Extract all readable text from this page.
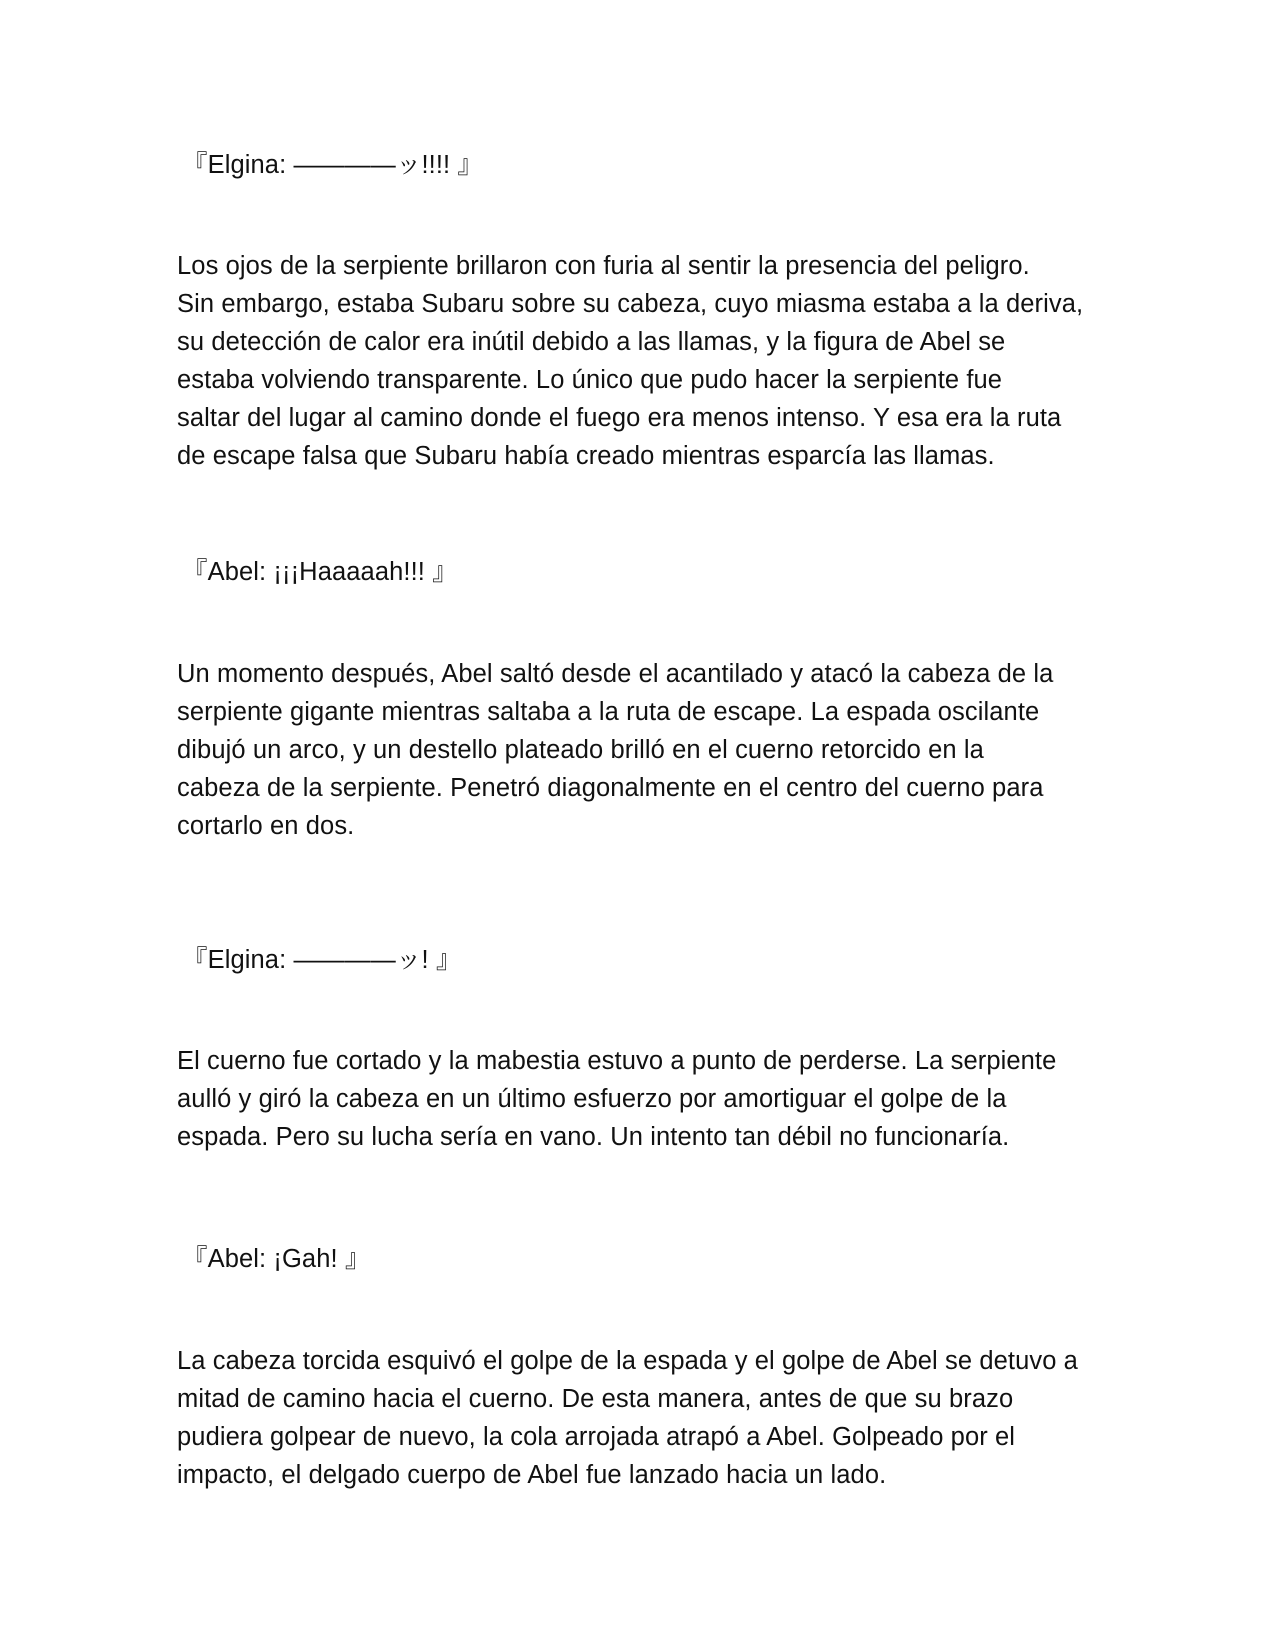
『Elgina: ————ッ!!!! 』

Los ojos de la serpiente brillaron con furia al sentir la presencia del peligro.
Sin embargo, estaba Subaru sobre su cabeza, cuyo miasma estaba a la deriva,
su detección de calor era inútil debido a las llamas, y la figura de Abel se
estaba volviendo transparente. Lo único que pudo hacer la serpiente fue
saltar del lugar al camino donde el fuego era menos intenso. Y esa era la ruta
de escape falsa que Subaru había creado mientras esparcía las llamas.

『Abel: ¡¡¡Haaaaah!!! 』

Un momento después, Abel saltó desde el acantilado y atacó la cabeza de la
serpiente gigante mientras saltaba a la ruta de escape. La espada oscilante
dibujó un arco, y un destello plateado brilló en el cuerno retorcido en la
cabeza de la serpiente. Penetró diagonalmente en el centro del cuerno para
cortarlo en dos.

『Elgina: ————ッ! 』

El cuerno fue cortado y la mabestia estuvo a punto de perderse. La serpiente
aulló y giró la cabeza en un último esfuerzo por amortiguar el golpe de la
espada. Pero su lucha sería en vano. Un intento tan débil no funcionaría.

『Abel: ¡Gah! 』

La cabeza torcida esquivó el golpe de la espada y el golpe de Abel se detuvo a
mitad de camino hacia el cuerno. De esta manera, antes de que su brazo
pudiera golpear de nuevo, la cola arrojada atrapó a Abel. Golpeado por el
impacto, el delgado cuerpo de Abel fue lanzado hacia un lado.
